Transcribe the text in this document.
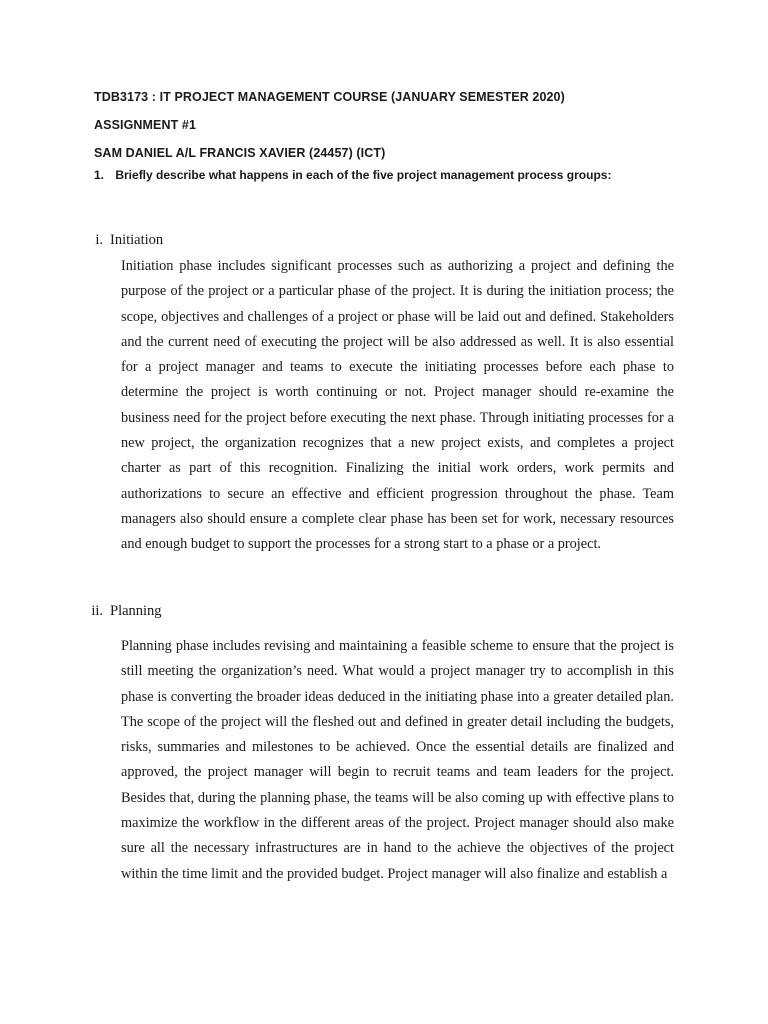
TDB3173 : IT PROJECT MANAGEMENT COURSE (JANUARY SEMESTER 2020)
ASSIGNMENT #1
SAM DANIEL A/L FRANCIS XAVIER (24457) (ICT)
1. Briefly describe what happens in each of the five project management process groups:
i. Initiation

Initiation phase includes significant processes such as authorizing a project and defining the purpose of the project or a particular phase of the project. It is during the initiation process; the scope, objectives and challenges of a project or phase will be laid out and defined. Stakeholders and the current need of executing the project will be also addressed as well. It is also essential for a project manager and teams to execute the initiating processes before each phase to determine the project is worth continuing or not. Project manager should re-examine the business need for the project before executing the next phase. Through initiating processes for a new project, the organization recognizes that a new project exists, and completes a project charter as part of this recognition. Finalizing the initial work orders, work permits and authorizations to secure an effective and efficient progression throughout the phase. Team managers also should ensure a complete clear phase has been set for work, necessary resources and enough budget to support the processes for a strong start to a phase or a project.

ii. Planning

Planning phase includes revising and maintaining a feasible scheme to ensure that the project is still meeting the organization’s need. What would a project manager try to accomplish in this phase is converting the broader ideas deduced in the initiating phase into a greater detailed plan. The scope of the project will the fleshed out and defined in greater detail including the budgets, risks, summaries and milestones to be achieved. Once the essential details are finalized and approved, the project manager will begin to recruit teams and team leaders for the project. Besides that, during the planning phase, the teams will be also coming up with effective plans to maximize the workflow in the different areas of the project. Project manager should also make sure all the necessary infrastructures are in hand to the achieve the objectives of the project within the time limit and the provided budget. Project manager will also finalize and establish a
